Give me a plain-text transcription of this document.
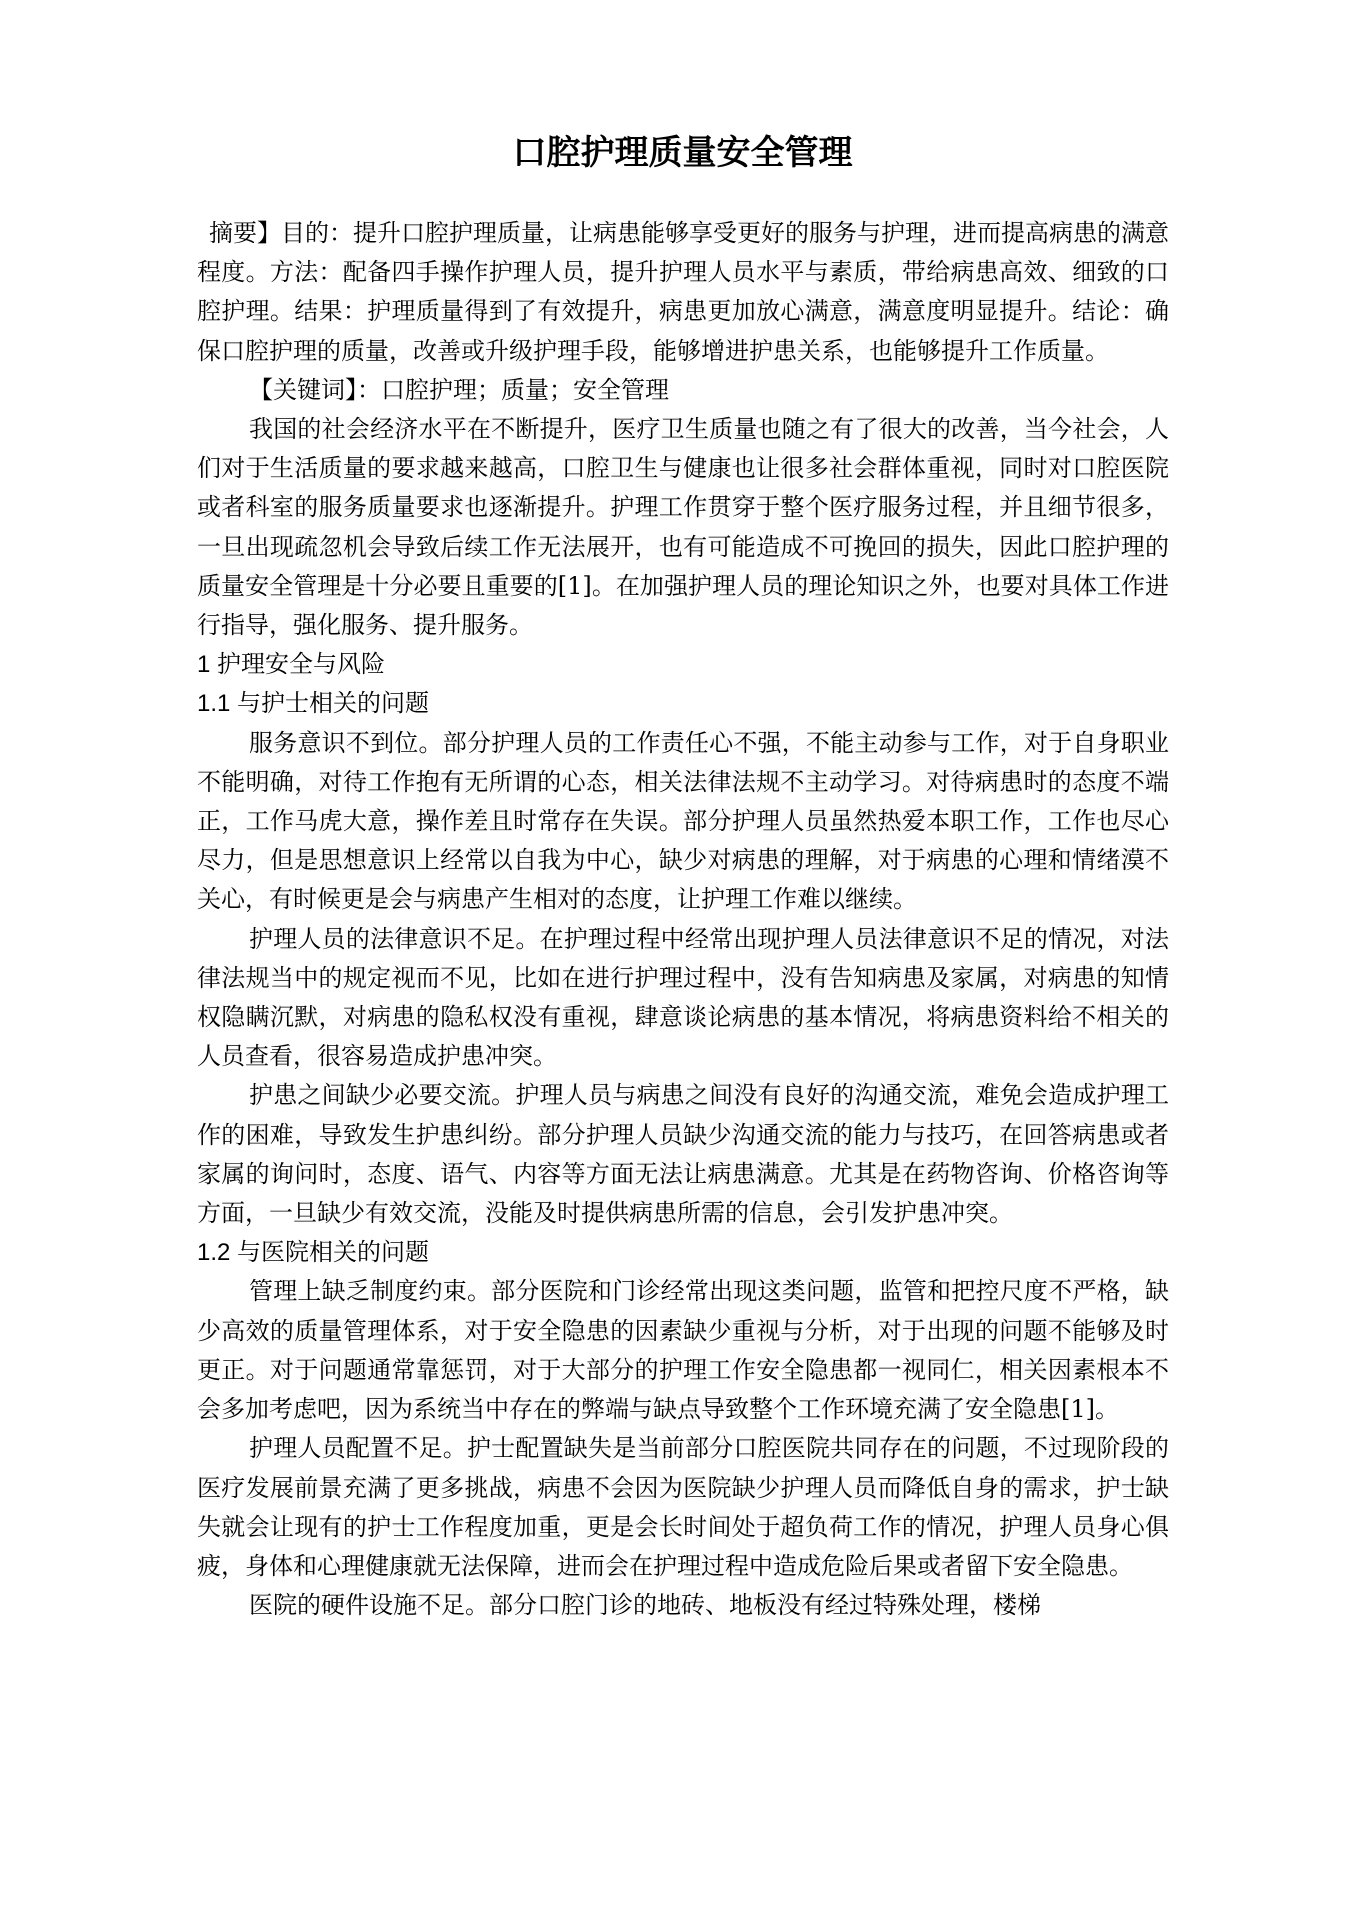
口腔护理质量安全管理

摘要】目的：提升口腔护理质量，让病患能够享受更好的服务与护理，进而提高病患的满意程度。方法：配备四手操作护理人员，提升护理人员水平与素质，带给病患高效、细致的口腔护理。结果：护理质量得到了有效提升，病患更加放心满意，满意度明显提升。结论：确保口腔护理的质量，改善或升级护理手段，能够增进护患关系，也能够提升工作质量。

【关键词】：口腔护理；质量；安全管理

我国的社会经济水平在不断提升，医疗卫生质量也随之有了很大的改善，当今社会，人们对于生活质量的要求越来越高，口腔卫生与健康也让很多社会群体重视，同时对口腔医院或者科室的服务质量要求也逐渐提升。护理工作贯穿于整个医疗服务过程，并且细节很多，一旦出现疏忽机会导致后续工作无法展开，也有可能造成不可挽回的损失，因此口腔护理的质量安全管理是十分必要且重要的[1]。在加强护理人员的理论知识之外，也要对具体工作进行指导，强化服务、提升服务。

1 护理安全与风险

1.1 与护士相关的问题

服务意识不到位。部分护理人员的工作责任心不强，不能主动参与工作，对于自身职业不能明确，对待工作抱有无所谓的心态，相关法律法规不主动学习。对待病患时的态度不端正，工作马虎大意，操作差且时常存在失误。部分护理人员虽然热爱本职工作，工作也尽心尽力，但是思想意识上经常以自我为中心，缺少对病患的理解，对于病患的心理和情绪漠不关心，有时候更是会与病患产生相对的态度，让护理工作难以继续。

护理人员的法律意识不足。在护理过程中经常出现护理人员法律意识不足的情况，对法律法规当中的规定视而不见，比如在进行护理过程中，没有告知病患及家属，对病患的知情权隐瞒沉默，对病患的隐私权没有重视，肆意谈论病患的基本情况，将病患资料给不相关的人员查看，很容易造成护患冲突。

护患之间缺少必要交流。护理人员与病患之间没有良好的沟通交流，难免会造成护理工作的困难，导致发生护患纠纷。部分护理人员缺少沟通交流的能力与技巧，在回答病患或者家属的询问时，态度、语气、内容等方面无法让病患满意。尤其是在药物咨询、价格咨询等方面，一旦缺少有效交流，没能及时提供病患所需的信息，会引发护患冲突。

1.2 与医院相关的问题

管理上缺乏制度约束。部分医院和门诊经常出现这类问题，监管和把控尺度不严格，缺少高效的质量管理体系，对于安全隐患的因素缺少重视与分析，对于出现的问题不能够及时更正。对于问题通常靠惩罚，对于大部分的护理工作安全隐患都一视同仁，相关因素根本不会多加考虑吧，因为系统当中存在的弊端与缺点导致整个工作环境充满了安全隐患[1]。

护理人员配置不足。护士配置缺失是当前部分口腔医院共同存在的问题，不过现阶段的医疗发展前景充满了更多挑战，病患不会因为医院缺少护理人员而降低自身的需求，护士缺失就会让现有的护士工作程度加重，更是会长时间处于超负荷工作的情况，护理人员身心俱疲，身体和心理健康就无法保障，进而会在护理过程中造成危险后果或者留下安全隐患。

医院的硬件设施不足。部分口腔门诊的地砖、地板没有经过特殊处理，楼梯
